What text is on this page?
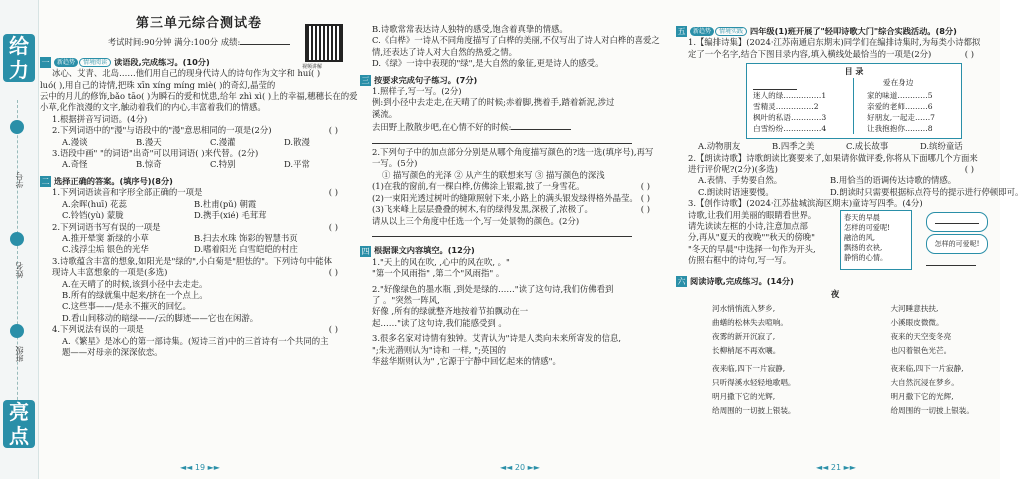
给力
学号
姓名
班级
亮点
第三单元综合测试卷
考试时间:90分钟 满分:100分 成绩:
视频讲解
一	新趋势	情境阅读 读语段,完成练习。(10分)

冰心、艾青、北岛……他们用自己的现身代诗人的诗句作为文字和 huí( )

luó( ),用自己的诗情,把珠 xīn xíng míng miè( )的奇幻,晶莹的

云中的月儿的修饰,bǎo tāo( )为瞬石的爱和忧患,给年 zhì xì( )上的幸福,穗穗长在的爱

小草,化作浪漫的文字,触动着我们的内心,丰富着我们的情感。

1.根据拼音写词语。(4分)

2.下列词语中的"漫"与语段中的"漫"意思相同的一项是(2分)	( )

A.漫谈	B.漫天	C.漫灌	D.散漫

3.语段中画" "的词语"出奇"可以用词语( )来代替。(2分)

A.奇怪	B.惊奇	C.特别	D.平常
二 选择正确的答案。(填序号)(8分)

1.下列词语读音和字形全部正确的一项是	( )

A.余晖(huī) 花蕊	B.杜甫(pǔ) 朝霞
C.铃铛(yù) 蒙胧	D.携手(xié) 毛茸茸

2.下列词语书写有误的一项是	( )

A.推开晕窦 新绿的小草	B.扫去水珠 饰彩的智慧书页
C.浅浮尘垢 银色的光华	D.嗜着阳光 白雪皑皑的村庄

3.诗歌蕴含丰富的想象,如阳光是"绿的",小白菊是"胆怯的"。下列诗句中能体

现诗人丰富想象的一项是(多选)	( )

A.在天晴了的时候,该到小径中去走走。

B.所有的绿就集中起来/挤在一个点上。

C.这些事——/是永不摧灭的回忆。

D.看山间移动的暗绿——/云的脚迹——它也在闲游。

4.下列说法有误的一项是	( )

A.《繁星》是冰心的第一部诗集。(短诗三首)中的三首诗有一个共同的主

题——对母亲的深深依恋。

◄◄ 19 ►►

B.诗歌常常表达诗人独特的感受,饱含着真挚的情感。

C.《白桦》一诗从不同角度描写了白桦的美丽,不仅写出了诗人对白桦的喜爱之

情,还表达了诗人对大自然的热爱之情。

D.《绿》一诗中表现的"绿",是大自然的象征,更是诗人的感受。

三 按要求完成句子练习。(7分)

1.照样子,写一写。(2分)

例:到小径中去走走,在天晴了的时候;赤着脚,携着手,踏着新泥,涉过

溪流。

去田野上散散步吧,在心情不好的时候:

2.下列句子中的加点部分分别是从哪个角度描写颜色的?选一选(填序号),再写

一写。(5分)

① 描写颜色的光泽 ② 从产生的联想来写 ③ 描写颜色的深浅

(1)在我的窗前,有一棵白桦,仿佛涂上银霜,披了一身雪花。	( )

(2)一束阳光透过树叶的缝隙照射下来,小路上的满头银发绿得格外晶莹。 ( )

(3)飞来峰上层层叠叠的树木,有的绿得发黑,深极了,浓极了。	( )

请从以上三个角度中任选一个,写一处景物的颜色。(2分)

四 根据课文内容填空。(12分)

1."天上的风在吹, ,心中的风在吹, 。"

"第一个风雨指" ,第二个"风雨指" 。

2."好像绿色的墨水瓶 ,到处是绿的……"读了这句诗,我们仿佛看到

了 。"突然一阵风,

好像 ,所有的绿就整齐地按着节拍飘动在一

起……"读了这句诗,我们能感受到 。

3.很多名家对诗情有独钟。艾青认为"诗是人类向未来所寄发的信息,

";朱光潜则认为"诗和 一样, ";英国的

华兹华斯则认为" ,它源于宁静中回忆起来的情感"。

◄◄ 20 ►►
五	新趋势	情境实践 四年级(1)班开展了"轻叩诗歌大门"综合实践活动。(8分)

1.【编排诗集】(2024·江苏南通启东期末)同学们在编排诗集时,为每类小诗都拟

定了一个名字,结合下图目录内容,填入横线处最恰当的一项是(2分)	( )

目 录
爱在身边
迷人的绿……………1
雪精灵……………2
枫叶的私语…………3
白雪纷纷……………4
家的味道…………5
亲爱的老师………6
好朋友,一起走……7
让我抱抱你………8
A.动物朋友	B.四季之美	C.成长故事	D.缤纷童话

2.【朗读诗歌】诗歌朗读比赛要来了,如果请你做评委,你将从下面哪几个方面来

进行评价呢?(2分)(多选)	( )

A.表情、手势要自然。	B.用恰当的语调传达诗歌的情感。
C.朗读时语速要慢。	D.朗读时只需要根据标点符号的提示进行停顿即可。

3.【创作诗歌】(2024·江苏盐城滨海区期末)童诗写四季。(4分)

诗歌,让我们用美丽的眼睛看世界。

请先读读左框的小诗,注意加点部

分,再从"夏天的夜晚""秋天的傍晚"

"冬天的早晨"中选择一句作为开头,

仿照右框中的诗句,写一写。

春天的早晨
怎样的可爱呢!
融洽的风,
飘扬的衣袂,
静悄的心情。
怎样的可爱呢!
六 阅读诗歌,完成练习。(14分)
夜
河水悄悄流入梦乡,
曲蟮的松林失去喧响。
夜雾的新开沉寂了,
长柳梢尾不再欢嚷。
夜来临,四下一片寂静,
只听得溪水轻轻地歌唱。
明月撒下它的光辉,
给周围的一切披上银装。
大河睡意扶扶,
小溪眼皮微微。
夜来的天空变冬亮
也闪着银色光芒。
夜来临,四下一片寂静,
大自然沉浸在梦乡。
明月撒下它的光辉,
给周围的一切披上银装。
◄◄ 21 ►►
